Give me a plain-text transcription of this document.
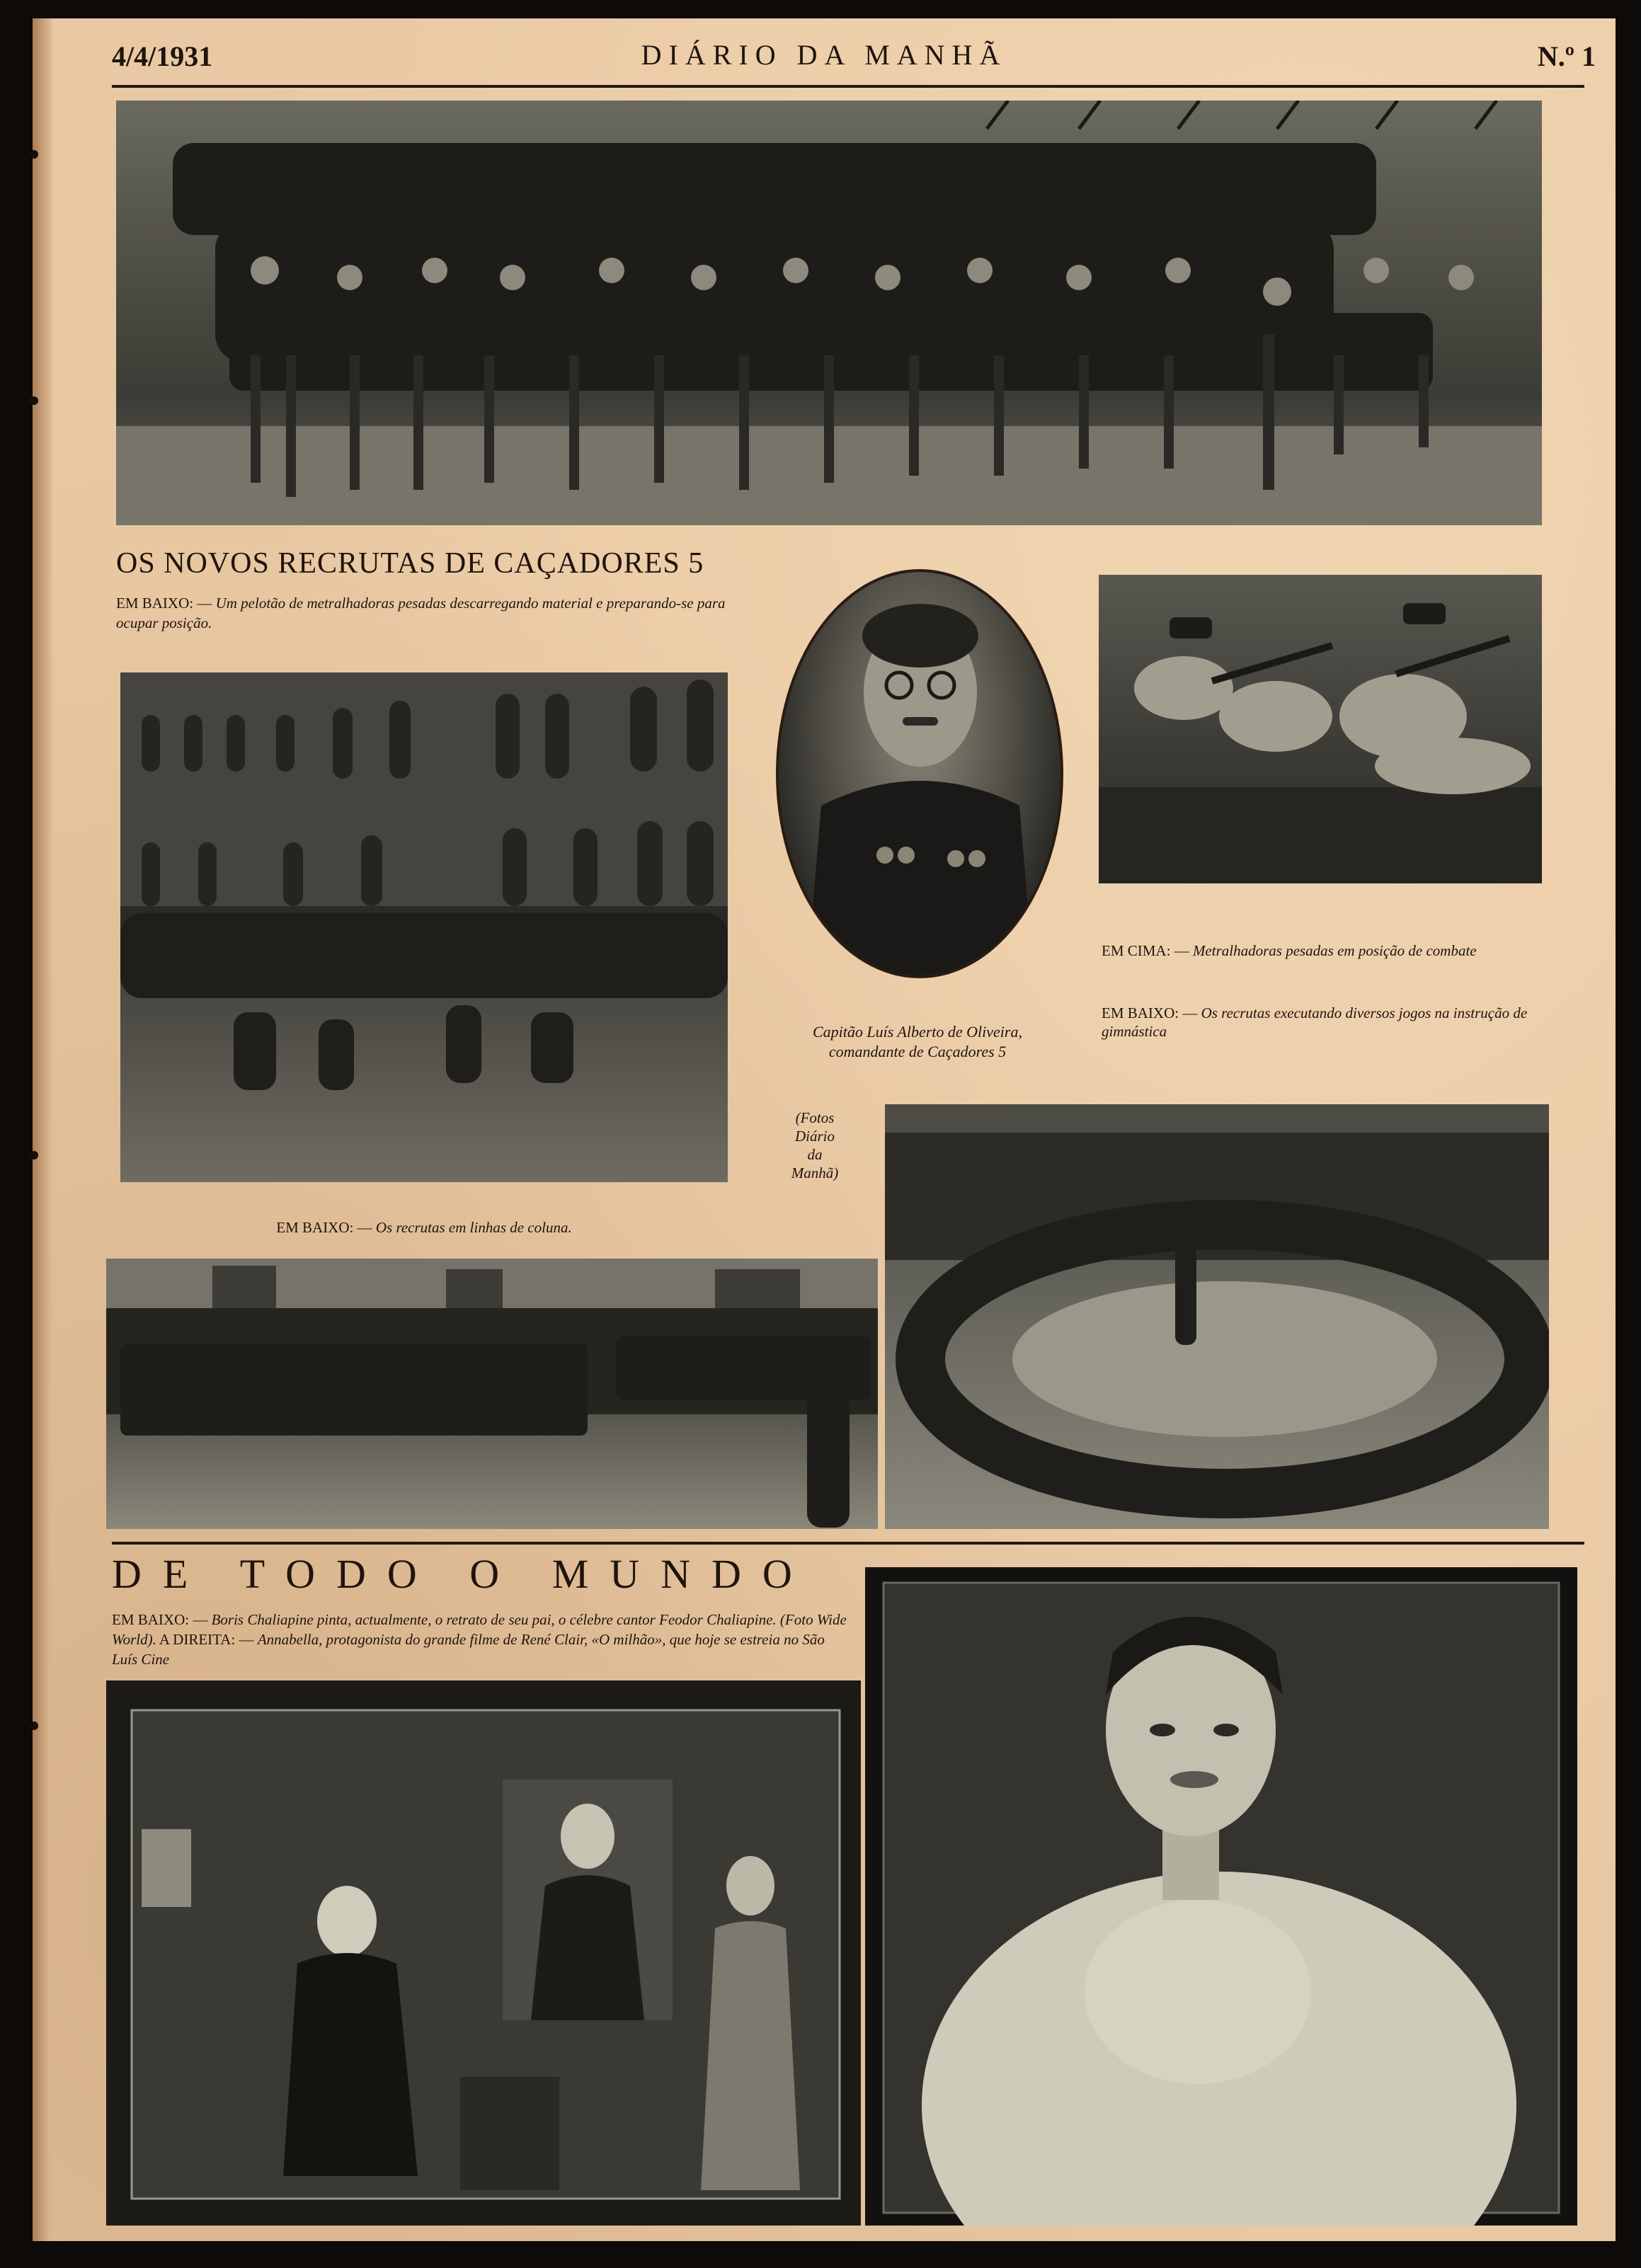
4/4/1931	DIÁRIO DA MANHÃ	N.º 1
OS NOVOS RECRUTAS DE CAÇADORES 5
EM BAIXO: — Um pelotão de metralhadoras pesadas descarregando material e preparando-se para ocupar posição.
Capitão Luís Alberto de Oliveira,
comandante de Caçadores 5
EM CIMA: — Metralhadoras pesadas em posição de combate
EM BAIXO: — Os recrutas executando diversos jogos na instrução de gimnástica
(Fotos
Diário
da
Manhã)
EM BAIXO: — Os recrutas em linhas de coluna.
DE TODO O MUNDO
EM BAIXO: — Boris Chaliapine pinta, actualmente, o retrato de seu pai, o célebre cantor Feodor Chaliapine. (Foto Wide World). A DIREITA: — Annabella, protagonista do grande filme de René Clair, «O milhão», que hoje se estreia no São Luís Cine
